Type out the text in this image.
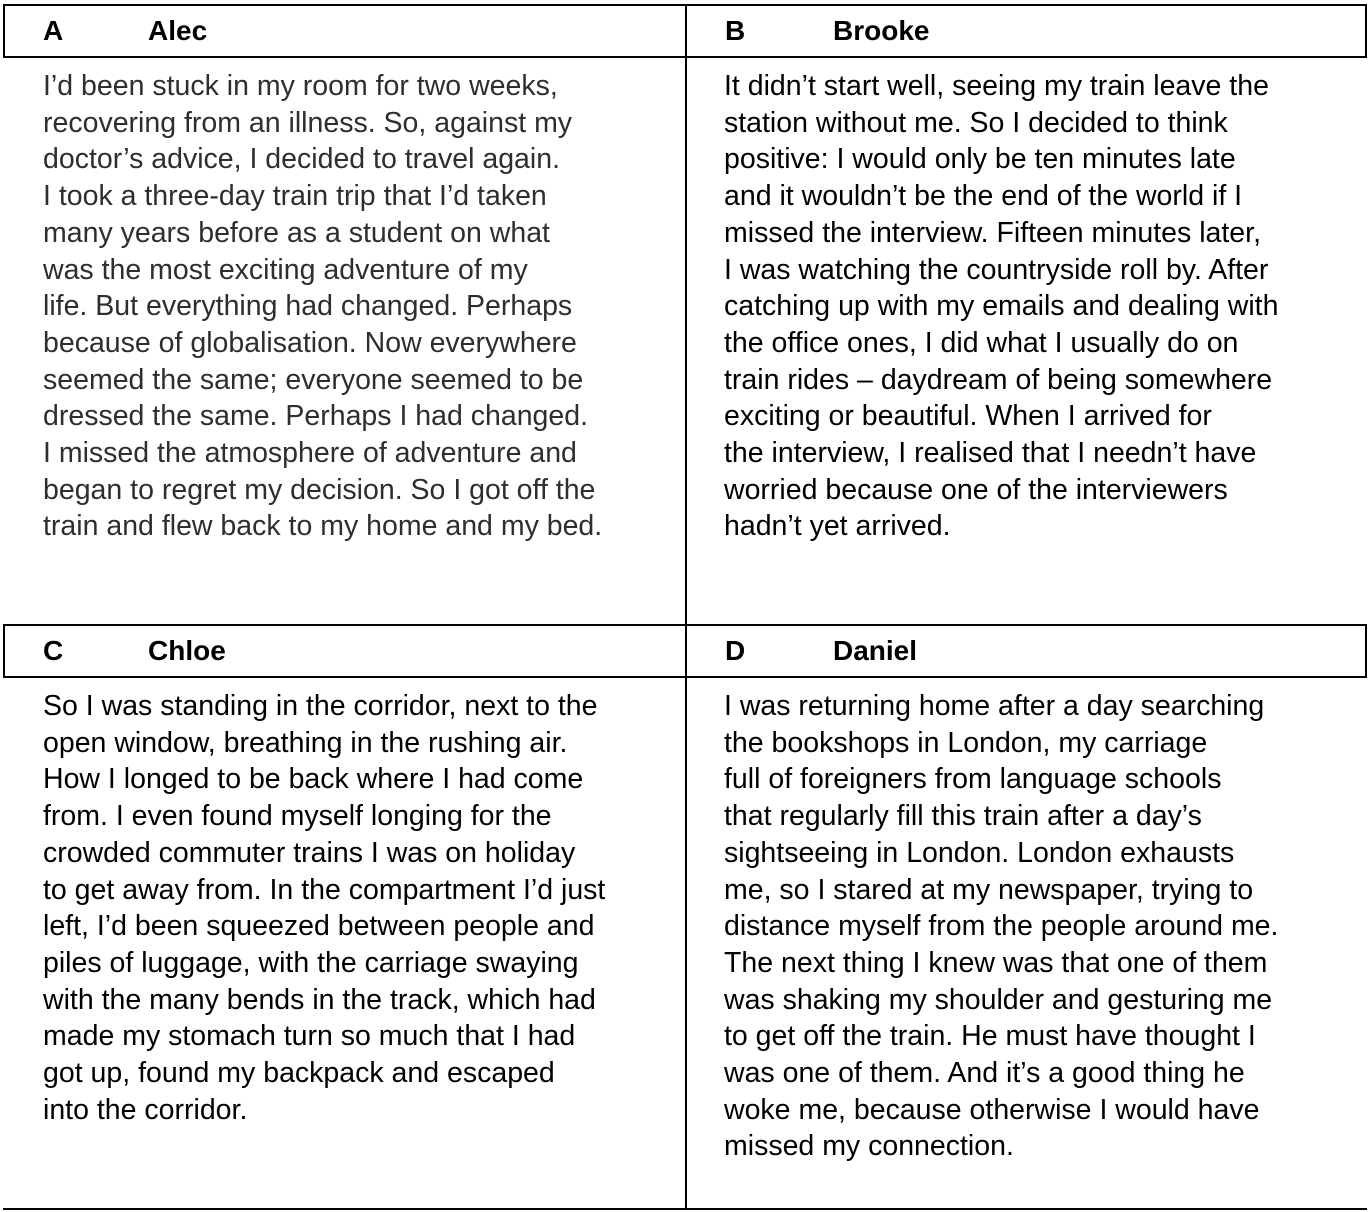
A	Alec

I’d been stuck in my room for two weeks,
recovering from an illness. So, against my
doctor’s advice, I decided to travel again.
I took a three-day train trip that I’d taken
many years before as a student on what
was the most exciting adventure of my
life. But everything had changed. Perhaps
because of globalisation. Now everywhere
seemed the same; everyone seemed to be
dressed the same. Perhaps I had changed.
I missed the atmosphere of adventure and
began to regret my decision. So I got off the
train and flew back to my home and my bed.

B	Brooke

It didn’t start well, seeing my train leave the
station without me. So I decided to think
positive: I would only be ten minutes late
and it wouldn’t be the end of the world if I
missed the interview. Fifteen minutes later,
I was watching the countryside roll by. After
catching up with my emails and dealing with
the office ones, I did what I usually do on
train rides – daydream of being somewhere
exciting or beautiful. When I arrived for
the interview, I realised that I needn’t have
worried because one of the interviewers
hadn’t yet arrived.

C	Chloe

So I was standing in the corridor, next to the
open window, breathing in the rushing air.
How I longed to be back where I had come
from. I even found myself longing for the
crowded commuter trains I was on holiday
to get away from. In the compartment I’d just
left, I’d been squeezed between people and
piles of luggage, with the carriage swaying
with the many bends in the track, which had
made my stomach turn so much that I had
got up, found my backpack and escaped
into the corridor.

D	Daniel

I was returning home after a day searching
the bookshops in London, my carriage
full of foreigners from language schools
that regularly fill this train after a day’s
sightseeing in London. London exhausts
me, so I stared at my newspaper, trying to
distance myself from the people around me.
The next thing I knew was that one of them
was shaking my shoulder and gesturing me
to get off the train. He must have thought I
was one of them. And it’s a good thing he
woke me, because otherwise I would have
missed my connection.
